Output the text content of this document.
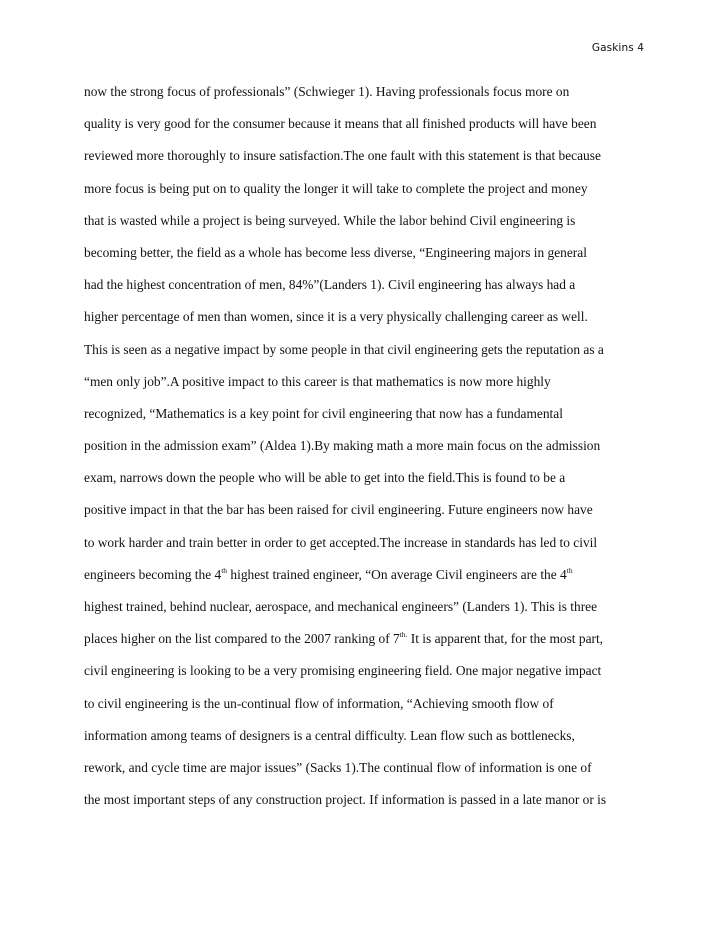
Gaskins 4
now the strong focus of professionals” (Schwieger 1). Having professionals focus more on
quality is very good for the consumer because it means that all finished products will have been
reviewed more thoroughly to insure satisfaction.The one fault with this statement is that because
more focus is being put on to quality the longer it will take to complete the project and money
that is wasted while a project is being surveyed. While the labor behind Civil engineering is
becoming better, the field as a whole has become less diverse, “Engineering majors in general
had the highest concentration of men, 84%”(Landers 1). Civil engineering has always had a
higher percentage of men than women, since it is a very physically challenging career as well.
This is seen as a negative impact by some people in that civil engineering gets the reputation as a
“men only job”.A positive impact to this career is that mathematics is now more highly
recognized, “Mathematics is a key point for civil engineering that now has a fundamental
position in the admission exam” (Aldea 1).By making math a more main focus on the admission
exam, narrows down the people who will be able to get into the field.This is found to be a
positive impact in that the bar has been raised for civil engineering. Future engineers now have
to work harder and train better in order to get accepted.The increase in standards has led to civil
engineers becoming the 4th highest trained engineer, “On average Civil engineers are the 4th
highest trained, behind nuclear, aerospace, and mechanical engineers” (Landers 1). This is three
places higher on the list compared to the 2007 ranking of $7^{th.}$ It is apparent that, for the most part,
civil engineering is looking to be a very promising engineering field. One major negative impact
to civil engineering is the un-continual flow of information, “Achieving smooth flow of
information among teams of designers is a central difficulty. Lean flow such as bottlenecks,
rework, and cycle time are major issues” (Sacks 1).The continual flow of information is one of
the most important steps of any construction project. If information is passed in a late manor or is
